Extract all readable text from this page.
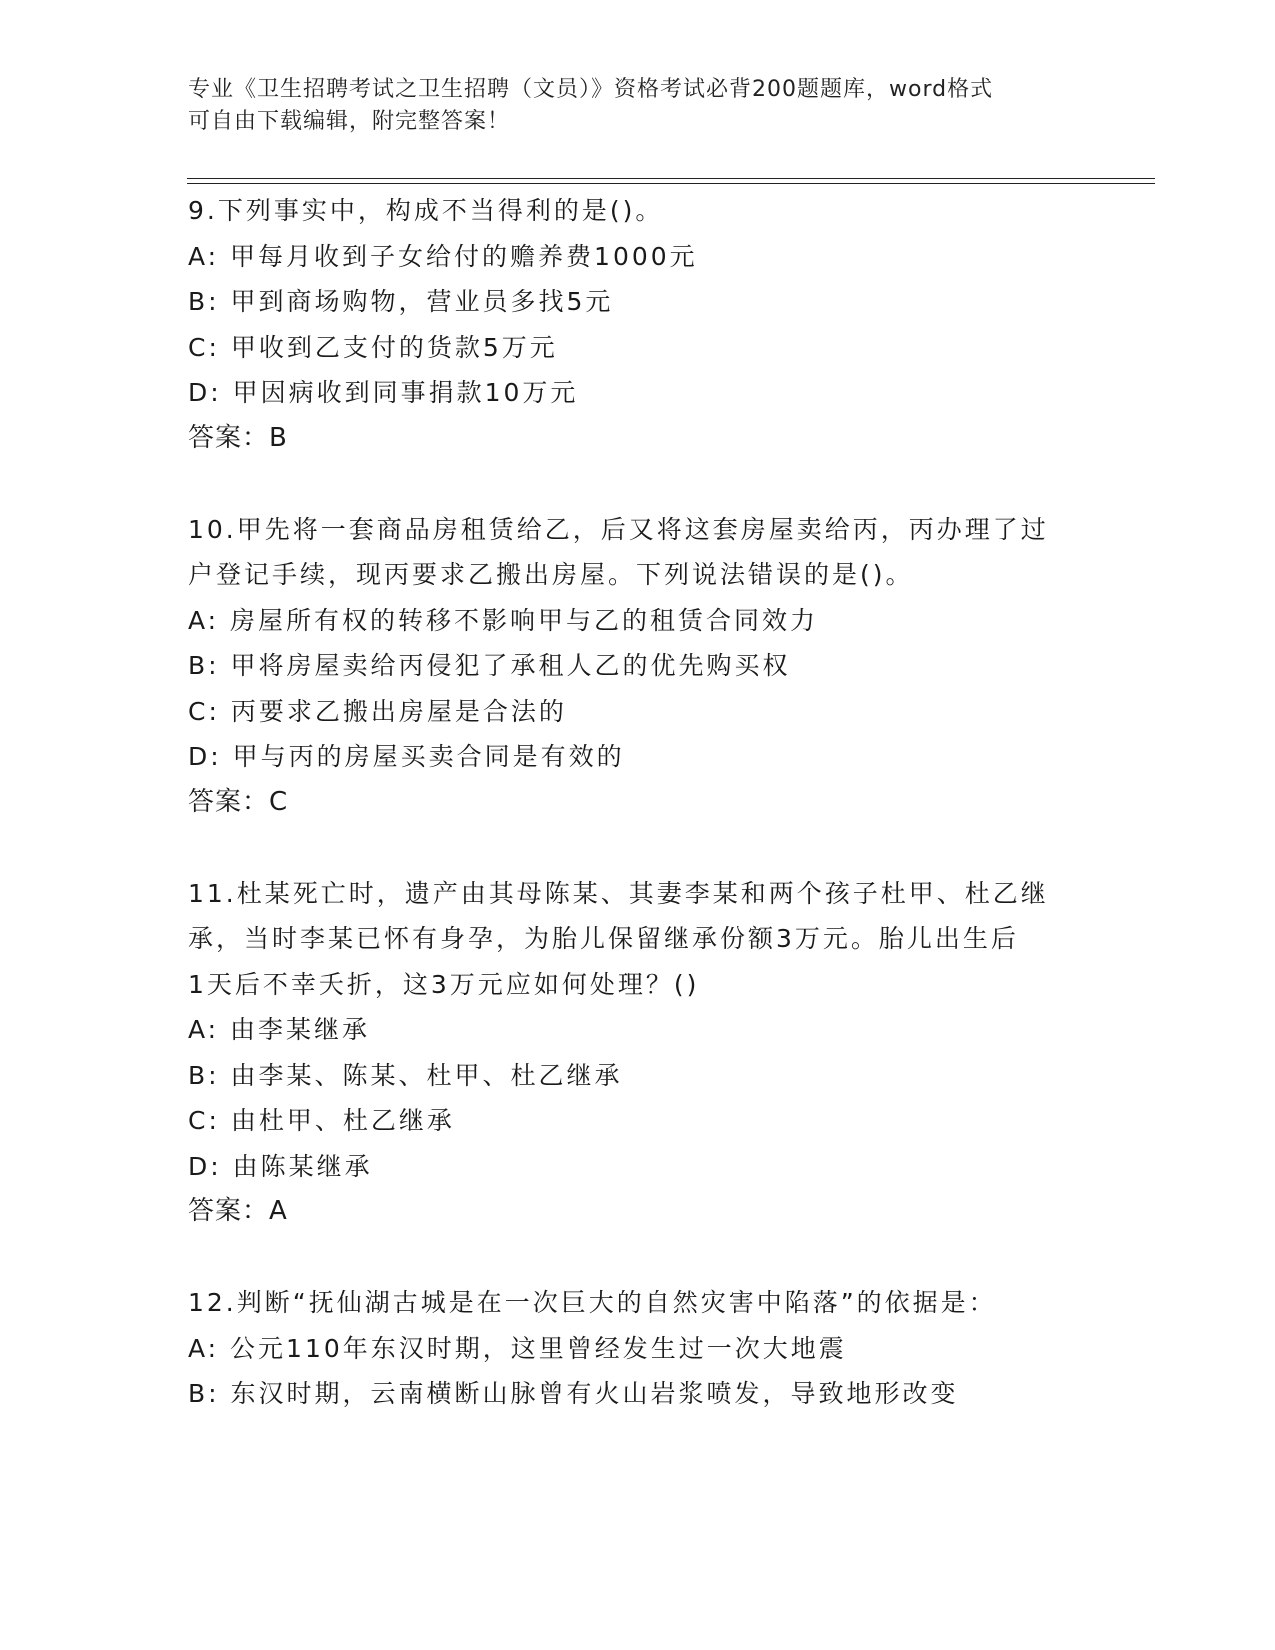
专业《卫生招聘考试之卫生招聘（文员）》资格考试必背200题题库，word格式
可自由下载编辑，附完整答案！
9.下列事实中，构成不当得利的是()。
A: 甲每月收到子女给付的赡养费1000元
B: 甲到商场购物，营业员多找5元
C: 甲收到乙支付的货款5万元
D: 甲因病收到同事捐款10万元
答案：B
10.甲先将一套商品房租赁给乙，后又将这套房屋卖给丙，丙办理了过
户登记手续，现丙要求乙搬出房屋。下列说法错误的是()。
A: 房屋所有权的转移不影响甲与乙的租赁合同效力
B: 甲将房屋卖给丙侵犯了承租人乙的优先购买权
C: 丙要求乙搬出房屋是合法的
D: 甲与丙的房屋买卖合同是有效的
答案：C
11.杜某死亡时，遗产由其母陈某、其妻李某和两个孩子杜甲、杜乙继
承，当时李某已怀有身孕，为胎儿保留继承份额3万元。胎儿出生后
1天后不幸夭折，这3万元应如何处理？()
A: 由李某继承
B: 由李某、陈某、杜甲、杜乙继承
C: 由杜甲、杜乙继承
D: 由陈某继承
答案：A
12.判断“抚仙湖古城是在一次巨大的自然灾害中陷落”的依据是：
A: 公元110年东汉时期，这里曾经发生过一次大地震
B: 东汉时期，云南横断山脉曾有火山岩浆喷发，导致地形改变
